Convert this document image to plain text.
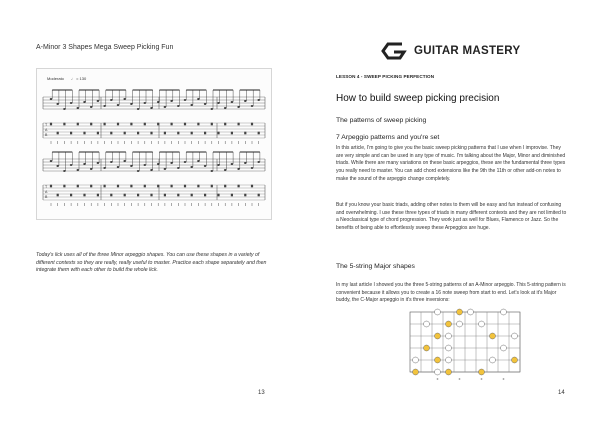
A-Minor 3 Shapes Mega Sweep Picking Fun
Moderato ♩ = 130
T
A
B
T
A
B
Today's lick uses all of the three Minor arpeggio shapes. You can use these shapes in a variety of different contexts so they are really, really useful to master. Practice each shape separately and then integrate them with each other to build the whole lick.
13
GUITAR MASTERY
LESSON 4 - SWEEP PICKING PERFECTION
How to build sweep picking precision
The patterns of sweep picking
7 Arpeggio patterns and you're set
In this article, I'm going to give you the basic sweep picking patterns that I use when I improvise. They are very simple and can be used in any type of music. I'm talking about the Major, Minor and diminished triads. While there are many variations on these basic arpeggios, these are the fundamental three types you really need to master. You can add chord extensions like the 9th the 11th or other add-on notes to make the sound of the arpeggio change completely.
But if you know your basic triads, adding other notes to them will be easy and fun instead of confusing and overwhelming. I use these three types of triads in many different contexts and they are not limited to a Neoclassical type of chord progression. They work just as well for Blues, Flamenco or Jazz. So the benefits of being able to effortlessly sweep these Arpeggios are huge.
The 5-string Major shapes
In my last article I showed you the three 5-string patterns of an A-Minor arpeggio. This 5-string pattern is convenient because it allows you to create a 16 note sweep from start to end. Let's look at it's Major buddy, the C-Major arpeggio in it's three inversions:
14
